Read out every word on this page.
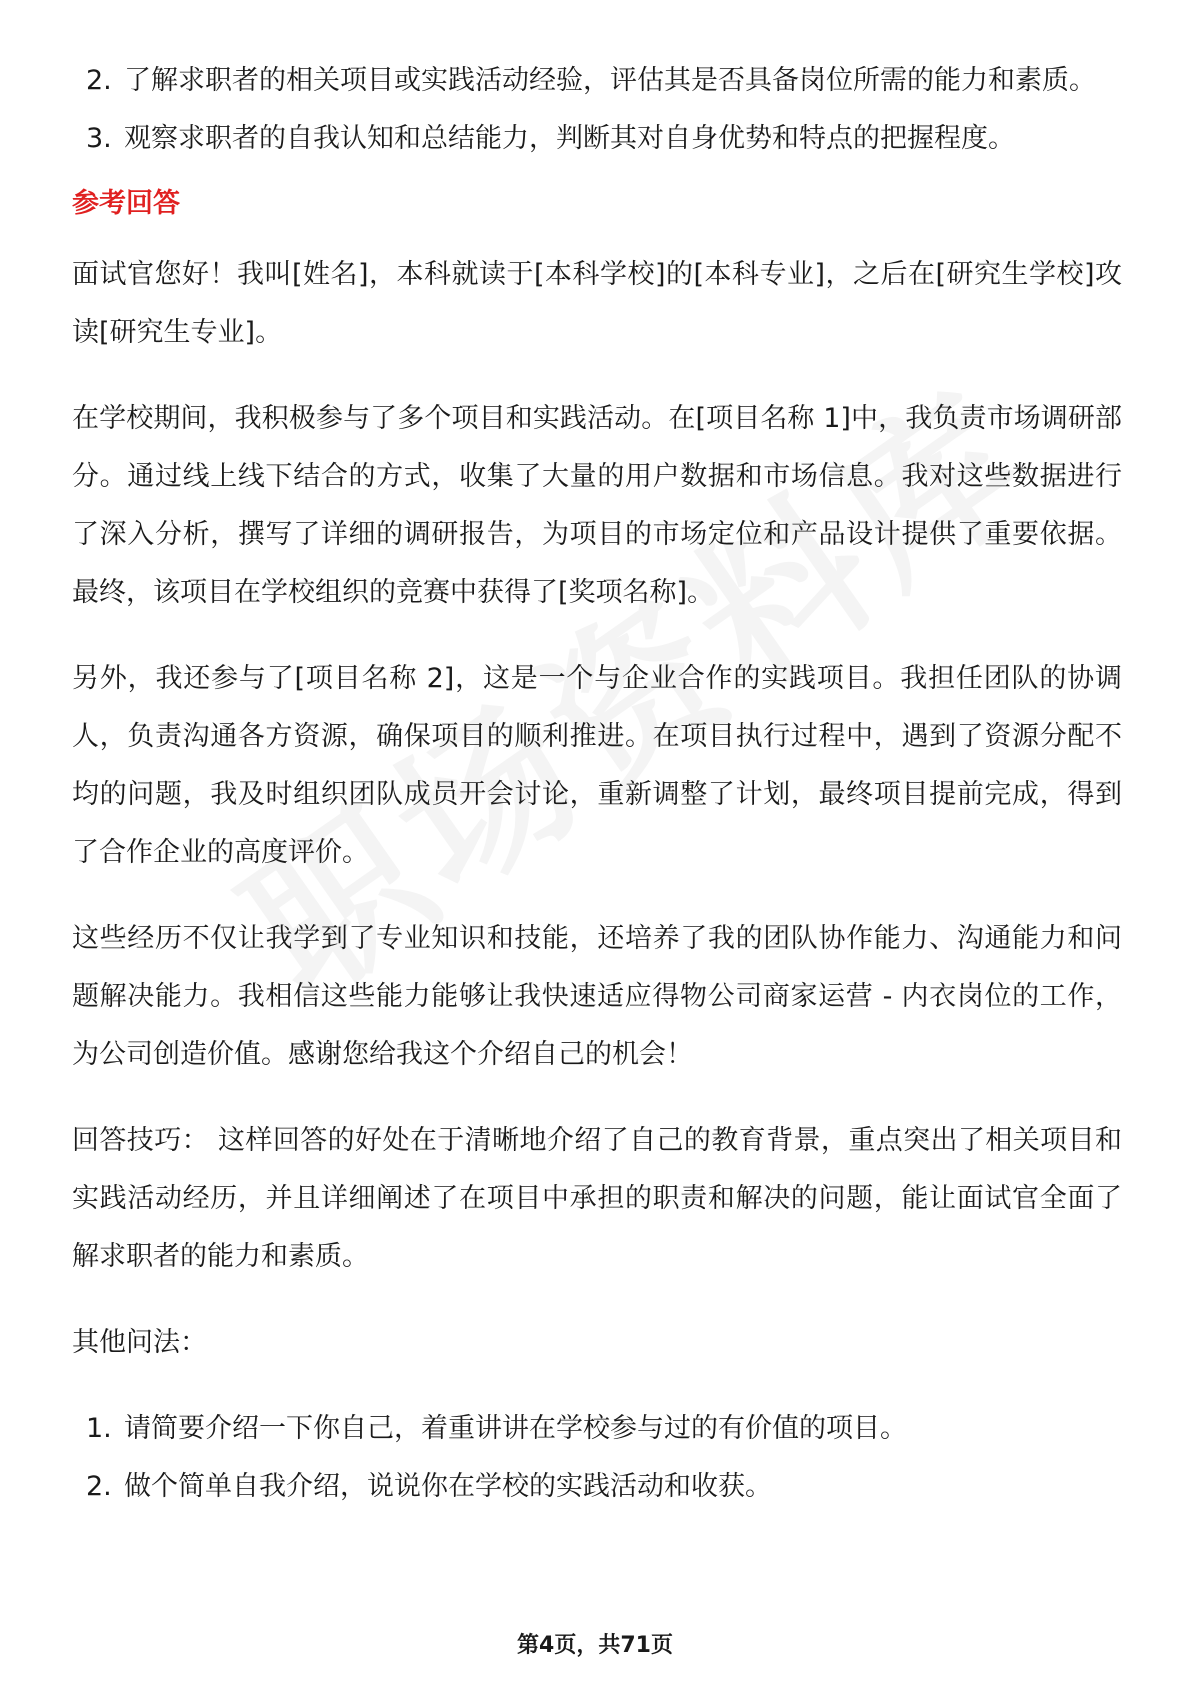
2. 了解求职者的相关项目或实践活动经验，评估其是否具备岗位所需的能力和素质。
3. 观察求职者的自我认知和总结能力，判断其对自身优势和特点的把握程度。
参考回答

面试官您好！我叫[姓名]，本科就读于[本科学校]的[本科专业]，之后在[研究生学校]攻读[研究生专业]。

在学校期间，我积极参与了多个项目和实践活动。在[项目名称 1]中，我负责市场调研部分。通过线上线下结合的方式，收集了大量的用户数据和市场信息。我对这些数据进行了深入分析，撰写了详细的调研报告，为项目的市场定位和产品设计提供了重要依据。最终，该项目在学校组织的竞赛中获得了[奖项名称]。

另外，我还参与了[项目名称 2]，这是一个与企业合作的实践项目。我担任团队的协调人，负责沟通各方资源，确保项目的顺利推进。在项目执行过程中，遇到了资源分配不均的问题，我及时组织团队成员开会讨论，重新调整了计划，最终项目提前完成，得到了合作企业的高度评价。

这些经历不仅让我学到了专业知识和技能，还培养了我的团队协作能力、沟通能力和问题解决能力。我相信这些能力能够让我快速适应得物公司商家运营 - 内衣岗位的工作，为公司创造价值。感谢您给我这个介绍自己的机会！

回答技巧： 这样回答的好处在于清晰地介绍了自己的教育背景，重点突出了相关项目和实践活动经历，并且详细阐述了在项目中承担的职责和解决的问题，能让面试官全面了解求职者的能力和素质。

其他问法：

1. 请简要介绍一下你自己，着重讲讲在学校参与过的有价值的项目。
2. 做个简单自我介绍，说说你在学校的实践活动和收获。
第4页，共71页
